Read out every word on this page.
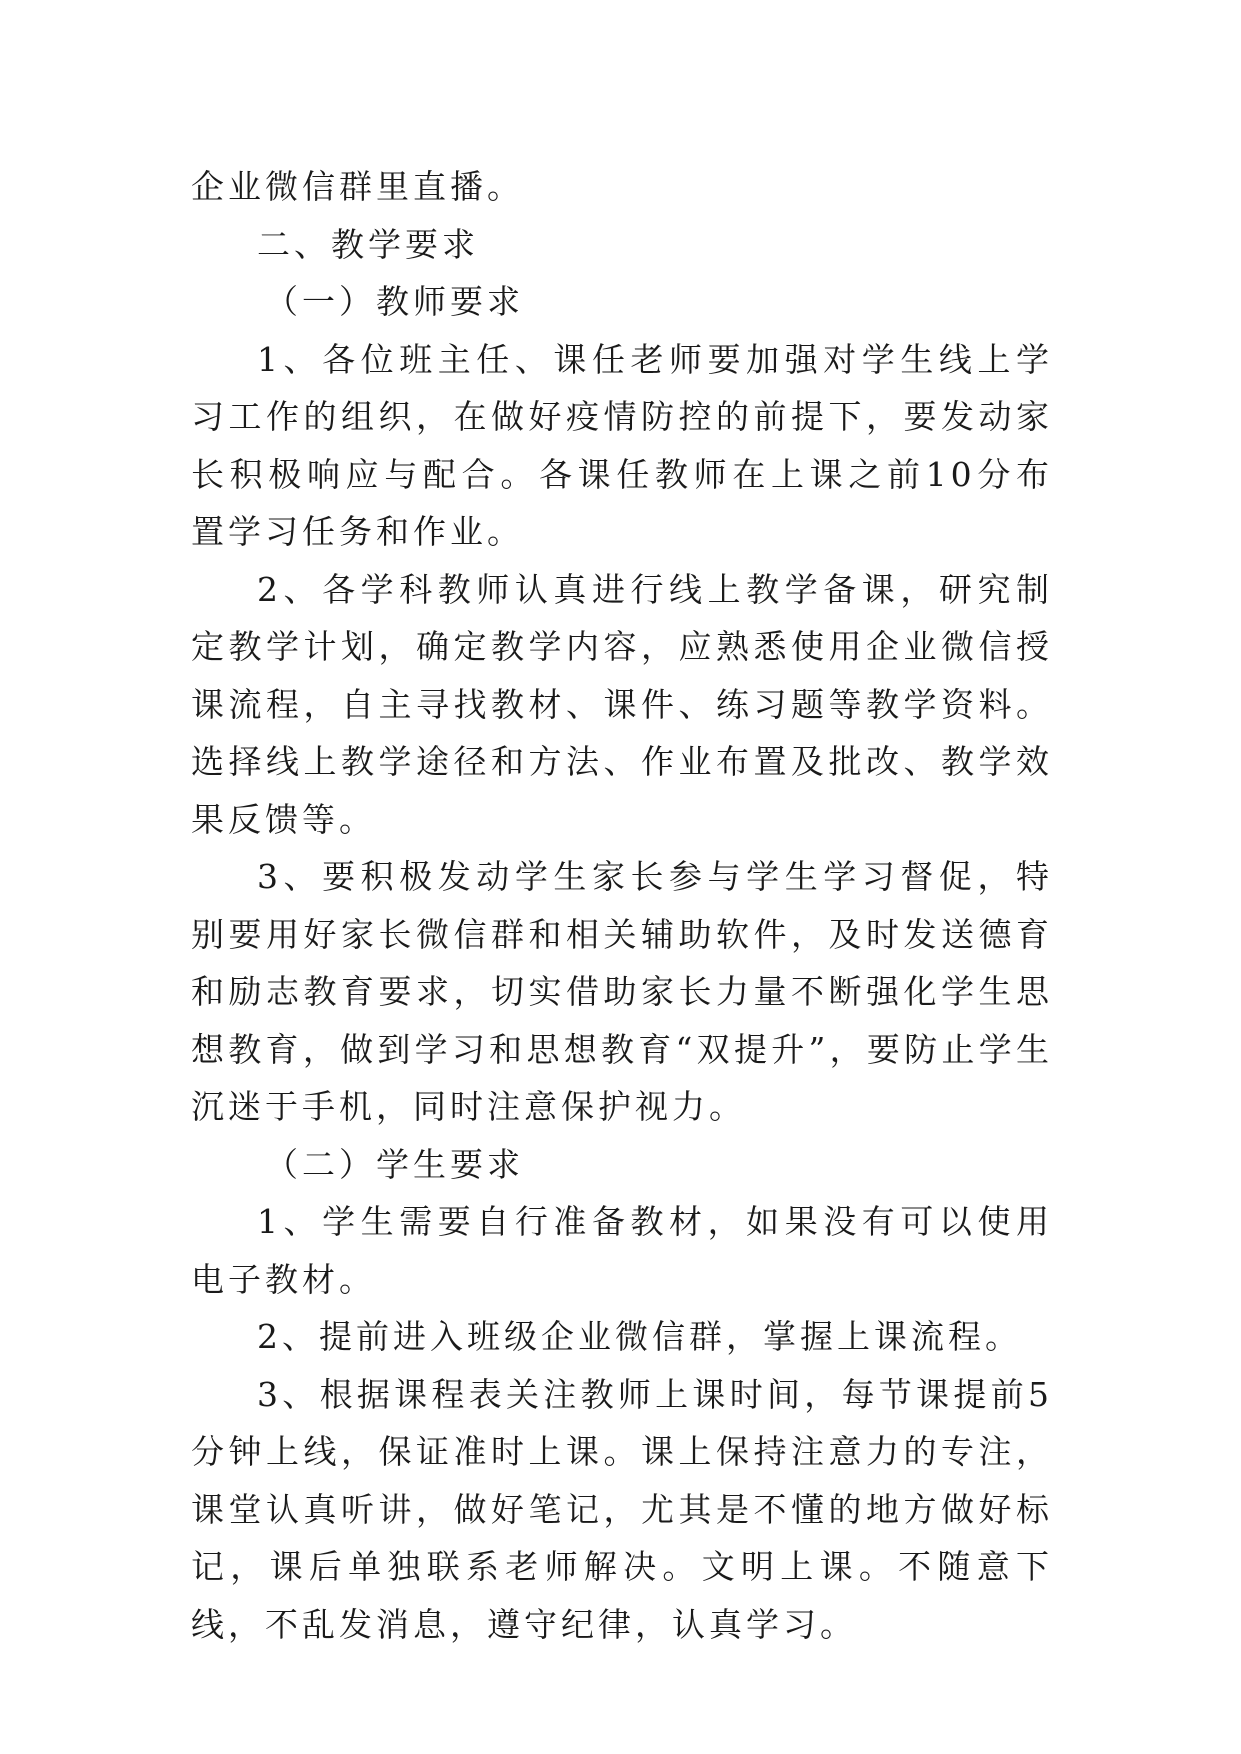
企业微信群里直播。

二、教学要求

（一）教师要求

1、各位班主任、课任老师要加强对学生线上学习工作的组织，在做好疫情防控的前提下，要发动家长积极响应与配合。各课任教师在上课之前10分布置学习任务和作业。

2、各学科教师认真进行线上教学备课，研究制定教学计划，确定教学内容，应熟悉使用企业微信授课流程，自主寻找教材、课件、练习题等教学资料。选择线上教学途径和方法、作业布置及批改、教学效果反馈等。

3、要积极发动学生家长参与学生学习督促，特别要用好家长微信群和相关辅助软件，及时发送德育和励志教育要求，切实借助家长力量不断强化学生思想教育，做到学习和思想教育“双提升”，要防止学生沉迷于手机，同时注意保护视力。

（二）学生要求

1、学生需要自行准备教材，如果没有可以使用电子教材。

2、提前进入班级企业微信群，掌握上课流程。

3、根据课程表关注教师上课时间，每节课提前5分钟上线，保证准时上课。课上保持注意力的专注，课堂认真听讲，做好笔记，尤其是不懂的地方做好标记，课后单独联系老师解决。文明上课。不随意下线，不乱发消息，遵守纪律，认真学习。
